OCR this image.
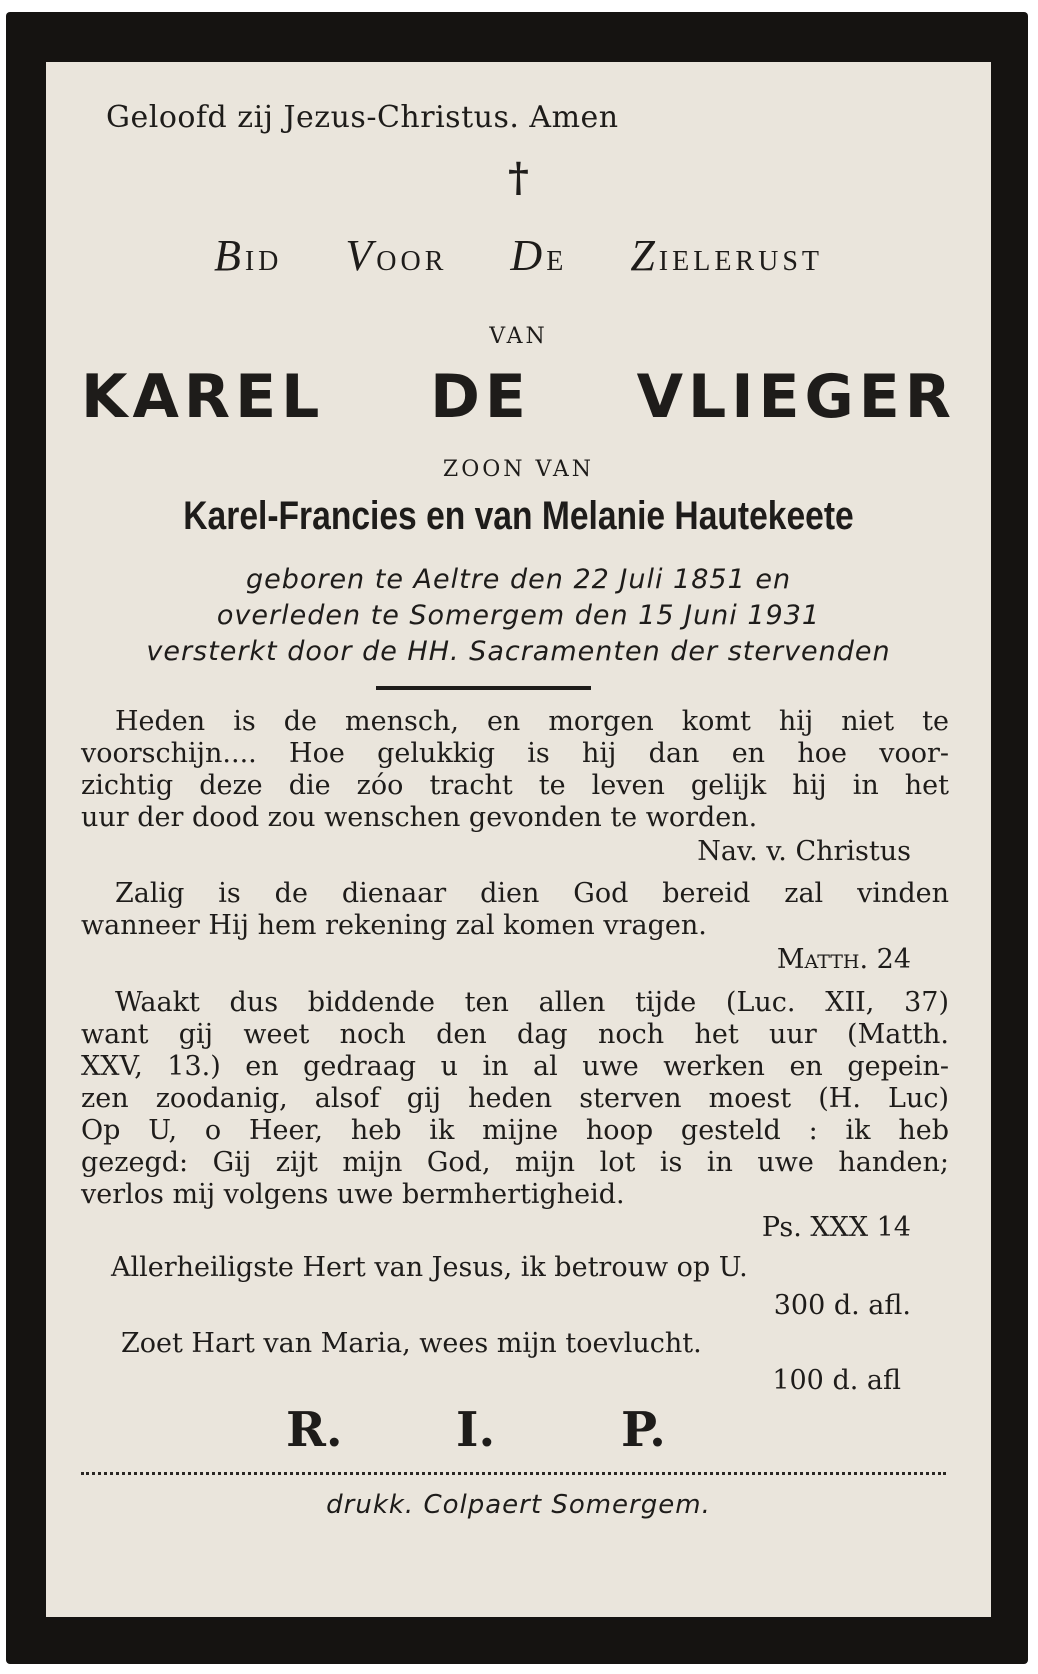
Geloofd zij Jezus-Christus. Amen
†
BID VOOR DE ZIELERUST
VAN
KAREL DE VLIEGER
ZOON VAN
Karel-Francies en van Melanie Hautekeete
geboren te Aeltre den 22 Juli 1851 en
overleden te Somergem den 15 Juni 1931
versterkt door de HH. Sacramenten der stervenden
Heden is de mensch, en morgen komt hij niet te
voorschijn.... Hoe gelukkig is hij dan en hoe voor-
zichtig deze die zóo tracht te leven gelijk hij in het
uur der dood zou wenschen gevonden te worden.
Nav. v. Christus
Zalig is de dienaar dien God bereid zal vinden
wanneer Hij hem rekening zal komen vragen.
Matth. 24
Waakt dus biddende ten allen tijde (Luc. XII, 37)
want gij weet noch den dag noch het uur (Matth.
XXV, 13.) en gedraag u in al uwe werken en gepein-
zen zoodanig, alsof gij heden sterven moest (H. Luc)
Op U, o Heer, heb ik mijne hoop gesteld : ik heb
gezegd: Gij zijt mijn God, mijn lot is in uwe handen;
verlos mij volgens uwe bermhertigheid.
Ps. XXX 14
Allerheiligste Hert van Jesus, ik betrouw op U.
300 d. afl.
Zoet Hart van Maria, wees mijn toevlucht.
100 d. afl
R. I.	P.
drukk. Colpaert Somergem.
